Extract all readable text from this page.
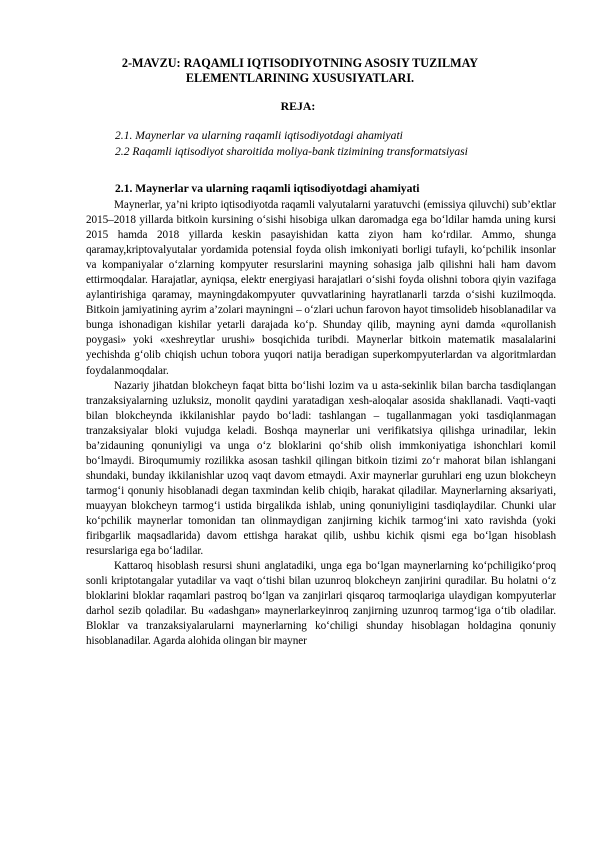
2-MAVZU: RAQAMLI IQTISODIYOTNING ASOSIY TUZILMAY
ELEMENTLARINING XUSUSIYATLARI.
REJA:
2.1. Maynerlar va ularning raqamli iqtisodiyotdagi ahamiyati
2.2 Raqamli iqtisodiyot sharoitida moliya-bank tizimining transformatsiyasi
2.1. Maynerlar va ularning raqamli iqtisodiyotdagi ahamiyati

Maynerlar, ya’ni kripto iqtisodiyotda raqamli valyutalarni yaratuvchi (emissiya qiluvchi) sub’ektlar 2015–2018 yillarda bitkoin kursining o‘sishi hisobiga ulkan daromadga ega bo‘ldilar hamda uning kursi 2015 hamda 2018 yillarda keskin pasayishidan katta ziyon ham ko‘rdilar. Ammo, shunga qaramay,kriptovalyutalar yordamida potensial foyda olish imkoniyati borligi tufayli, ko‘pchilik insonlar va kompaniyalar o‘zlarning kompyuter resurslarini mayning sohasiga jalb qilishni hali ham davom ettirmoqdalar. Harajatlar, ayniqsa, elektr energiyasi harajatlari o‘sishi foyda olishni tobora qiyin vazifaga aylantirishiga qaramay, mayningdakompyuter quvvatlarining hayratlanarli tarzda o‘sishi kuzilmoqda. Bitkoin jamiyatining ayrim a’zolari mayningni – o‘zlari uchun farovon hayot timsolideb hisoblanadilar va bunga ishonadigan kishilar yetarli darajada ko‘p. Shunday qilib, mayning ayni damda «qurollanish poygasi» yoki «xeshreytlar urushi» bosqichida turibdi. Maynerlar bitkoin matematik masalalarini yechishda g‘olib chiqish uchun tobora yuqori natija beradigan superkompyuterlardan va algoritmlardan foydalanmoqdalar.

Nazariy jihatdan blokcheyn faqat bitta bo‘lishi lozim va u asta-sekinlik bilan barcha tasdiqlangan tranzaksiyalarning uzluksiz, monolit qaydini yaratadigan xesh-aloqalar asosida shakllanadi. Vaqti-vaqti bilan blokcheynda ikkilanishlar paydo bo‘ladi: tashlangan – tugallanmagan yoki tasdiqlanmagan tranzaksiyalar bloki vujudga keladi. Boshqa maynerlar uni verifikatsiya qilishga urinadilar, lekin ba’zidauning qonuniyligi va unga o‘z bloklarini qo‘shib olish immkoniyatiga ishonchlari komil bo‘lmaydi. Biroqumumiy rozilikka asosan tashkil qilingan bitkoin tizimi zo‘r mahorat bilan ishlangani shundaki, bunday ikkilanishlar uzoq vaqt davom etmaydi. Axir maynerlar guruhlari eng uzun blokcheyn tarmog‘i qonuniy hisoblanadi degan taxmindan kelib chiqib, harakat qiladilar. Maynerlarning aksariyati, muayyan blokcheyn tarmog‘i ustida birgalikda ishlab, uning qonuniyligini tasdiqlaydilar. Chunki ular ko‘pchilik maynerlar tomonidan tan olinmaydigan zanjirning kichik tarmog‘ini xato ravishda (yoki firibgarlik maqsadlarida) davom ettishga harakat qilib, ushbu kichik qismi ega bo‘lgan hisoblash resurslariga ega bo‘ladilar.

Kattaroq hisoblash resursi shuni anglatadiki, unga ega bo‘lgan maynerlarning ko‘pchiligiko‘proq sonli kriptotangalar yutadilar va vaqt o‘tishi bilan uzunroq blokcheyn zanjirini quradilar. Bu holatni o‘z bloklarini bloklar raqamlari pastroq bo‘lgan va zanjirlari qisqaroq tarmoqlariga ulaydigan kompyuterlar darhol sezib qoladilar. Bu «adashgan» maynerlarkeyinroq zanjirning uzunroq tarmog‘iga o‘tib oladilar. Bloklar va tranzaksiyalarularni maynerlarning ko‘chiligi shunday hisoblagan holdagina qonuniy hisoblanadilar. Agarda alohida olingan bir mayner
